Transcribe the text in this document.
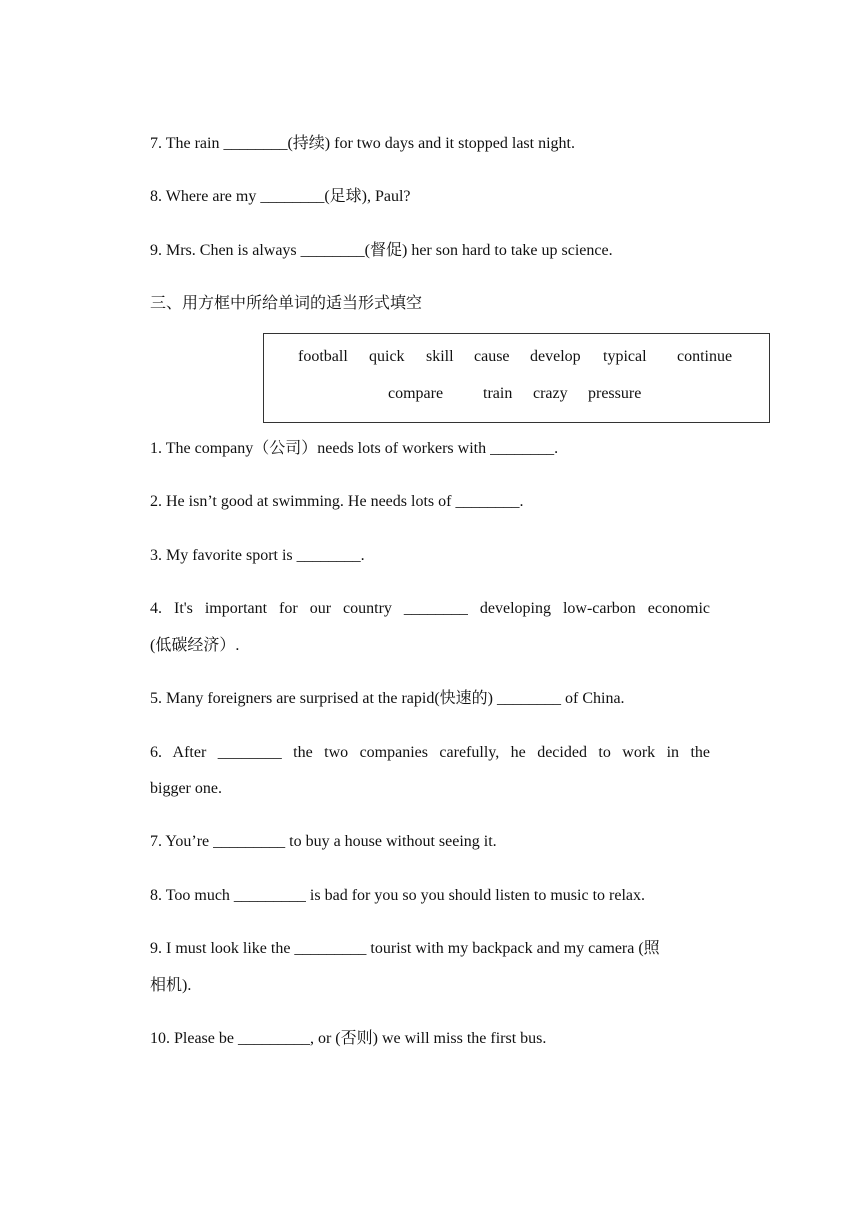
7. The rain ________(持续) for two days and it stopped last night.
8. Where are my ________(足球), Paul?
9. Mrs. Chen is always ________(督促) her son hard to take up science.
三、用方框中所给单词的适当形式填空
football quick skill cause develop typical continue
compare train crazy pressure
1. The company（公司）needs lots of workers with ________.
2. He isn’t good at swimming. He needs lots of ________.
3. My favorite sport is ________.
4. It's important for our country ________ developing low-carbon economic
(低碳经济）.
5. Many foreigners are surprised at the rapid(快速的) ________ of China.
6. After ________ the two companies carefully, he decided to work in the
bigger one.
7. You’re _________ to buy a house without seeing it.
8. Too much _________ is bad for you so you should listen to music to relax.
9. I must look like the _________ tourist with my backpack and my camera (照
相机).
10. Please be _________, or (否则) we will miss the first bus.
